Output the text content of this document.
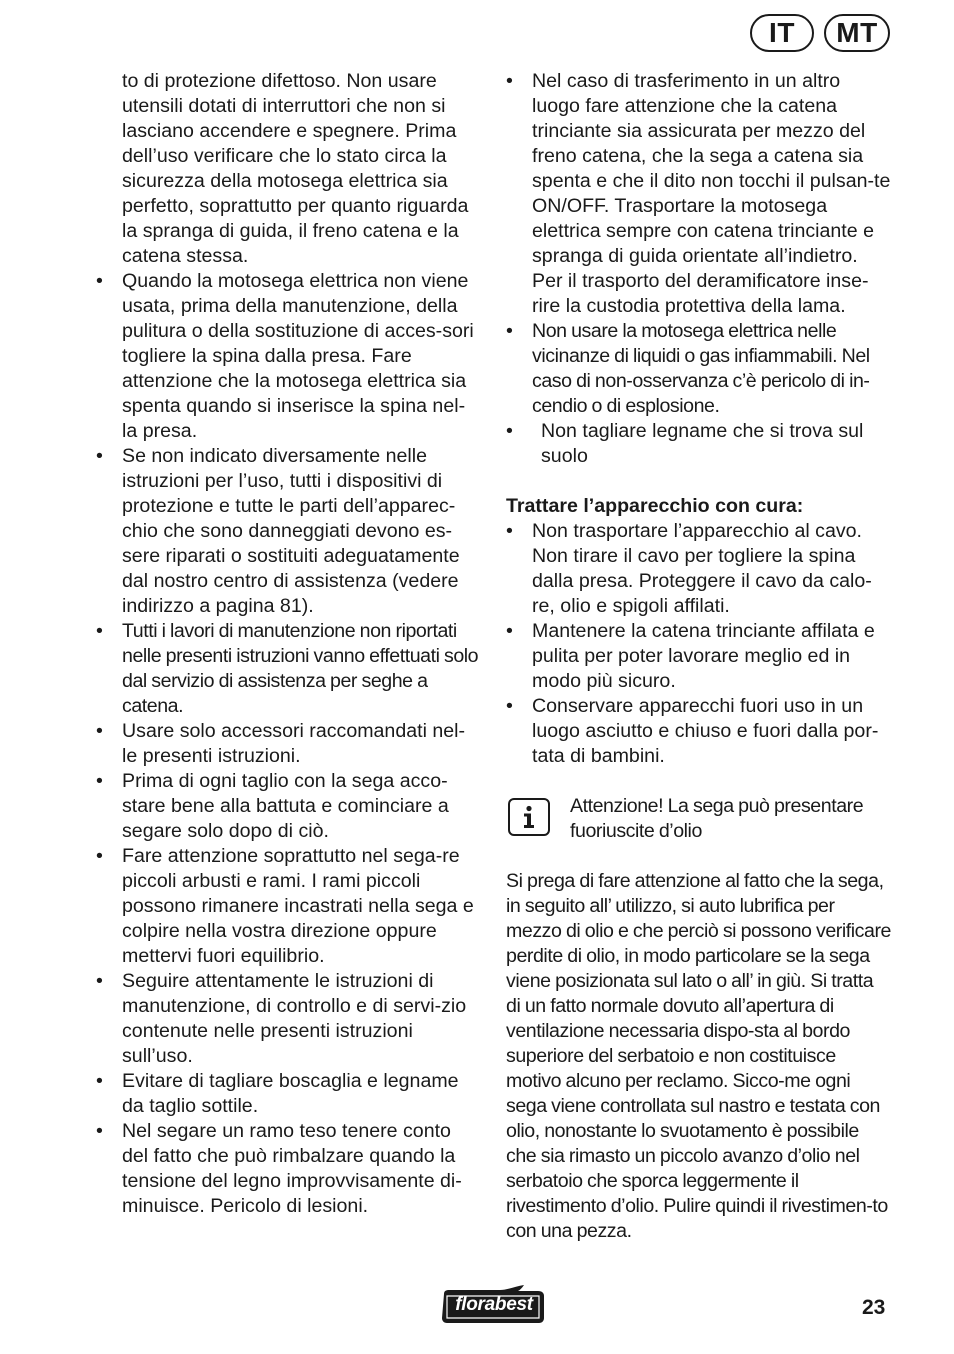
IT	MT

to di protezione difettoso. Non usare utensili dotati di interruttori che non si lasciano accendere e spegnere. Prima dell’uso verificare che lo stato circa la sicurezza della motosega elettrica sia perfetto, soprattutto per quanto riguarda la spranga di guida, il freno catena e la catena stessa.

• Quando la motosega elettrica non viene usata, prima della manutenzione, della pulitura o della sostituzione di acces-sori togliere la spina dalla presa. Fare attenzione che la motosega elettrica sia spenta quando si inserisce la spina nel-la presa.
• Se non indicato diversamente nelle istruzioni per l’uso, tutti i dispositivi di protezione e tutte le parti dell’apparec-chio che sono danneggiati devono es-sere riparati o sostituiti adeguatamente dal nostro centro di assistenza (vedere indirizzo a pagina 81).
• Tutti i lavori di manutenzione non riportati nelle presenti istruzioni vanno effettuati solo dal servizio di assistenza per seghe a catena.
• Usare solo accessori raccomandati nel-le presenti istruzioni.
• Prima di ogni taglio con la sega acco-stare bene alla battuta e cominciare a segare solo dopo di ciò.
• Fare attenzione soprattutto nel sega-re piccoli arbusti e rami. I rami piccoli possono rimanere incastrati nella sega e colpire nella vostra direzione oppure mettervi fuori equilibrio.
• Seguire attentamente le istruzioni di manutenzione, di controllo e di servi-zio contenute nelle presenti istruzioni sull’uso.
• Evitare di tagliare boscaglia e legname da taglio sottile.
• Nel segare un ramo teso tenere conto del fatto che può rimbalzare quando la tensione del legno improvvisamente di-minuisce. Pericolo di lesioni.
• Nel caso di trasferimento in un altro luogo fare attenzione che la catena trinciante sia assicurata per mezzo del freno catena, che la sega a catena sia spenta e che il dito non tocchi il pulsan-te ON/OFF. Trasportare la motosega elettrica sempre con catena trinciante e spranga di guida orientate all’indietro. Per il trasporto del deramificatore inse-rire la custodia protettiva della lama.
• Non usare la motosega elettrica nelle vicinanze di liquidi o gas infiammabili. Nel caso di non-osservanza c’è pericolo di in-cendio o di esplosione.
• Non tagliare legname che si trova sul suolo
Trattare l’apparecchio con cura:
• Non trasportare l’apparecchio al cavo. Non tirare il cavo per togliere la spina dalla presa. Proteggere il cavo da calo-re, olio e spigoli affilati.
• Mantenere la catena trinciante affilata e pulita per poter lavorare meglio ed in modo più sicuro.
• Conservare apparecchi fuori uso in un luogo asciutto e chiuso e fuori dalla por-tata di bambini.
Attenzione! La sega può presentare fuoriuscite d’olio

Si prega di fare attenzione al fatto che la sega, in seguito all’ utilizzo, si auto lubrifica per mezzo di olio e che perciò si possono verificare perdite di olio, in modo particolare se la sega viene posizionata sul lato o all’ in giù. Si tratta di un fatto normale dovuto all’apertura di ventilazione necessaria dispo-sta al bordo superiore del serbatoio e non costituisce motivo alcuno per reclamo. Sicco-me ogni sega viene controllata sul nastro e testata con olio, nonostante lo svuotamento è possibile che sia rimasto un piccolo avanzo d’olio nel serbatoio che sporca leggermente il rivestimento d’olio. Pulire quindi il rivestimen-to con una pezza.

florabest	23
